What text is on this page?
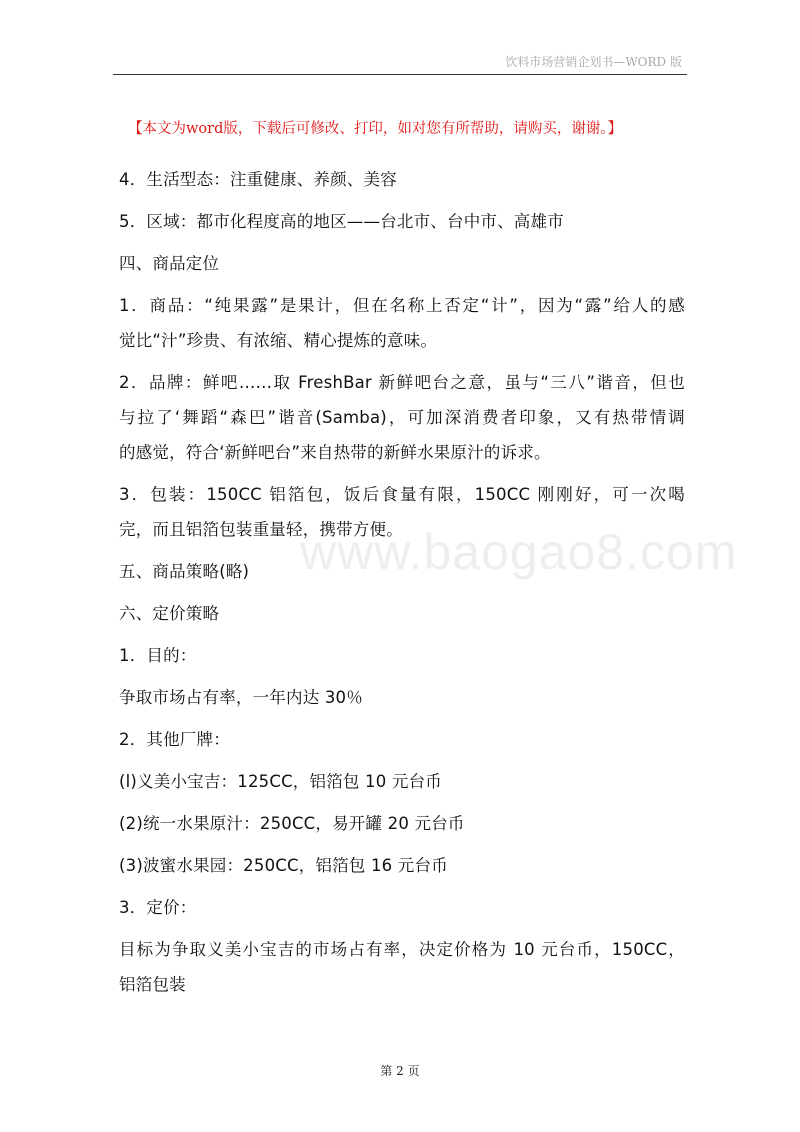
饮料市场营销企划书—WORD 版
【本文为word版，下载后可修改、打印，如对您有所帮助，请购买，谢谢。】
www.baogao8.com
4．生活型态：注重健康、养颜、美容
5．区域：都市化程度高的地区——台北市、台中市、高雄市
四、商品定位
1．商品：“纯果露”是果计，但在名称上否定“计”，因为“露”给人的感
觉比“汁”珍贵、有浓缩、精心提炼的意味。
2．品牌：鲜吧……取 FreshBar 新鲜吧台之意，虽与“三八”谐音，但也
与拉了‘舞蹈“森巴”谐音(Samba)，可加深消费者印象，又有热带情调
的感觉，符合‘新鲜吧台”来自热带的新鲜水果原汁的诉求。
3．包装：150CC 铝箔包，饭后食量有限，150CC 刚刚好，可一次喝
完，而且铝箔包装重量轻，携带方便。
五、商品策略(略)
六、定价策略
1．目的：
争取市场占有率，一年内达 30％
2．其他厂牌：
(l)义美小宝吉：125CC，铝箔包 10 元台币
(2)统一水果原汁：250CC，易开罐 20 元台币
(3)波蜜水果园：250CC，铝箔包 16 元台币
3．定价：
目标为争取义美小宝吉的市场占有率，决定价格为 10 元台币，150CC，
铝箔包装
第 2 页
